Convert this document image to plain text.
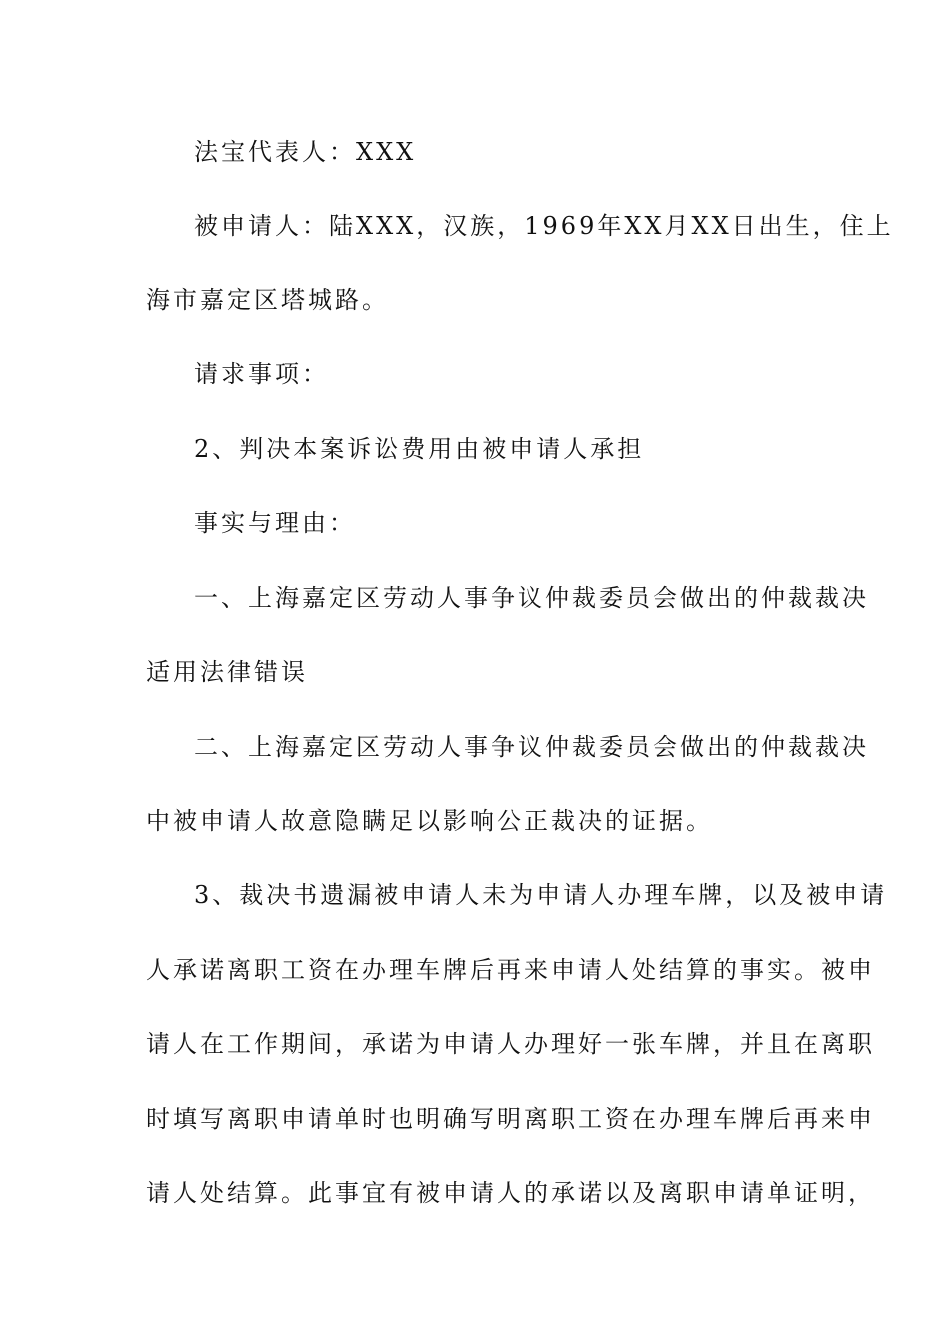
法宝代表人：XXX
被申请人：陆XXX，汉族，1969年XX月XX日出生，住上
海市嘉定区塔城路。
请求事项：
2、判决本案诉讼费用由被申请人承担
事实与理由：
一、上海嘉定区劳动人事争议仲裁委员会做出的仲裁裁决
适用法律错误
二、上海嘉定区劳动人事争议仲裁委员会做出的仲裁裁决
中被申请人故意隐瞒足以影响公正裁决的证据。
3、裁决书遗漏被申请人未为申请人办理车牌，以及被申请
人承诺离职工资在办理车牌后再来申请人处结算的事实。被申
请人在工作期间，承诺为申请人办理好一张车牌，并且在离职
时填写离职申请单时也明确写明离职工资在办理车牌后再来申
请人处结算。此事宜有被申请人的承诺以及离职申请单证明，
